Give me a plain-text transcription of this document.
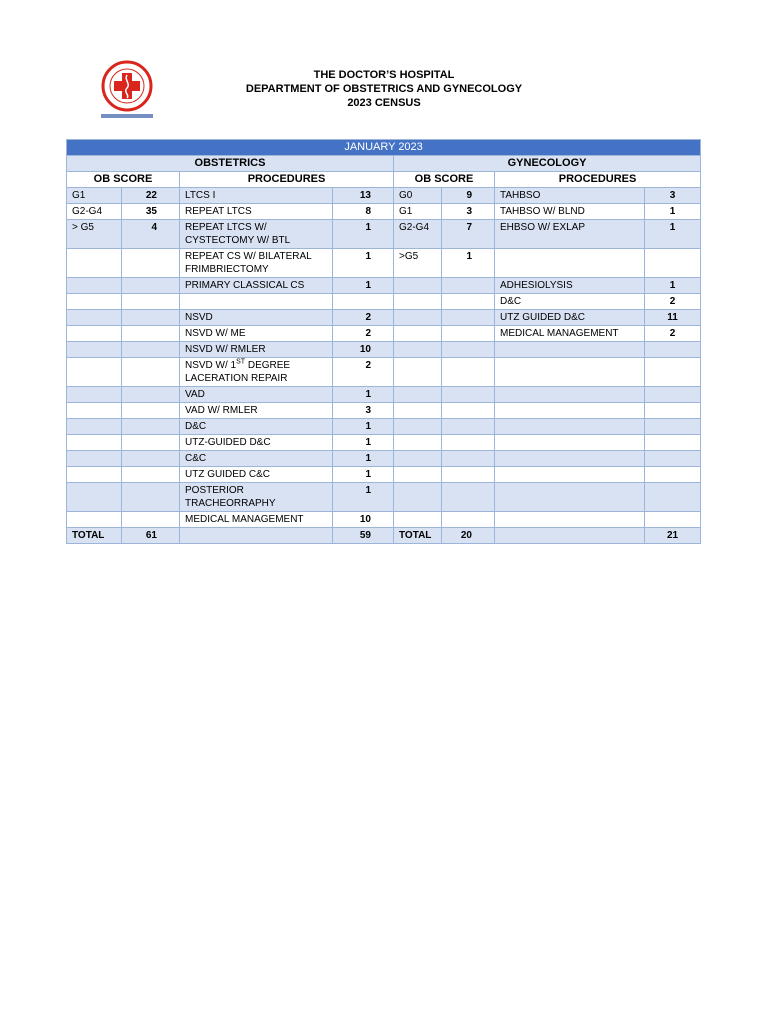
THE DOCTOR’S HOSPITAL
DEPARTMENT OF OBSTETRICS AND GYNECOLOGY
2023 CENSUS
JANUARY 2023							
OBSTETRICS				GYNECOLOGY			
OB SCORE		PROCEDURES		OB SCORE		PROCEDURES	
G1	22	LTCS I	13	G0	9	TAHBSO	3
G2-G4	35	REPEAT LTCS	8	G1	3	TAHBSO W/ BLND	1
> G5	4	REPEAT LTCS W/ CYSTECTOMY W/ BTL	1	G2-G4	7	EHBSO W/ EXLAP	1
		REPEAT CS W/ BILATERAL FRIMBRIECTOMY	1	>G5	1		
		PRIMARY CLASSICAL CS	1			ADHESIOLYSIS	1
						D&C	2
		NSVD	2			UTZ GUIDED D&C	11
		NSVD W/ ME	2			MEDICAL MANAGEMENT	2
		NSVD W/ RMLER	10				
		NSVD W/ 1ST DEGREE LACERATION REPAIR	2				
		VAD	1				
		VAD W/ RMLER	3				
		D&C	1				
		UTZ-GUIDED D&C	1				
		C&C	1				
		UTZ GUIDED C&C	1				
		POSTERIOR TRACHEORRAPHY	1				
		MEDICAL MANAGEMENT	10				
TOTAL	61		59	TOTAL	20		21
